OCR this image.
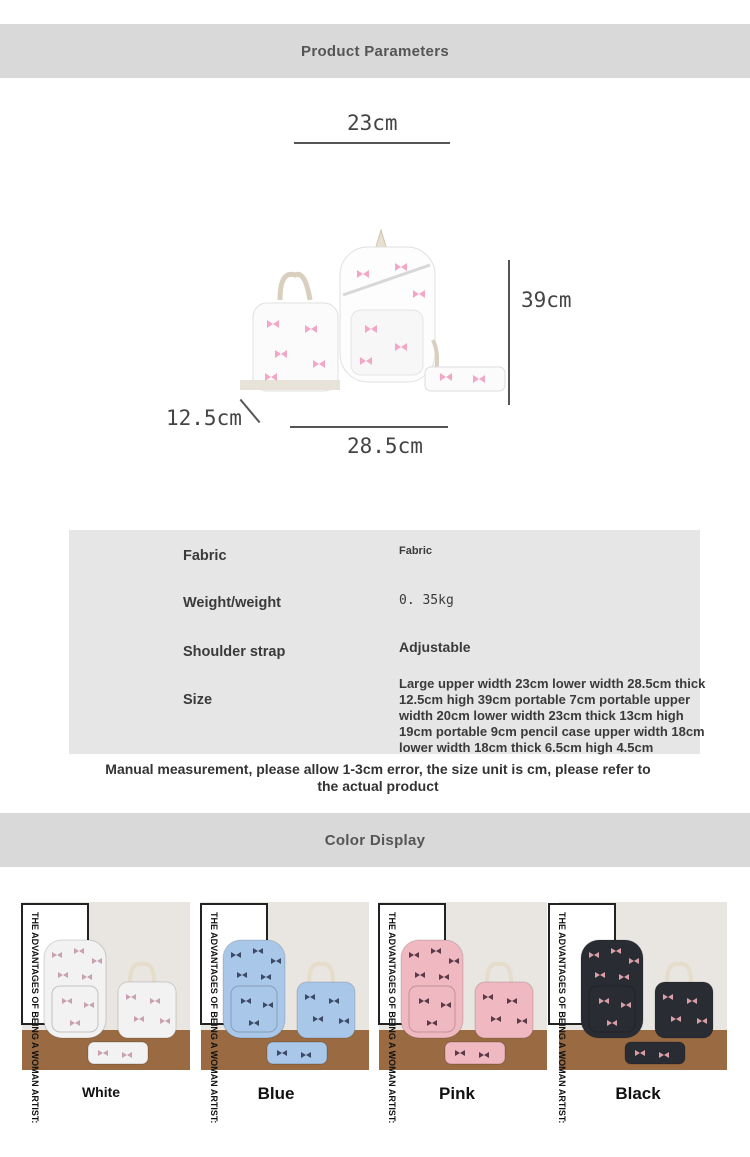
Product Parameters
23cm
39cm
12.5cm
28.5cm
Fabric	Fabric
Weight/weight	0. 35kg
Shoulder strap	Adjustable
Size
Large upper width 23cm lower width 28.5cm thick 12.5cm high 39cm portable 7cm portable upper width 20cm lower width 23cm thick 13cm high 19cm portable 9cm pencil case upper width 18cm lower width 18cm thick 6.5cm high 4.5cm
Manual measurement, please allow 1-3cm error, the size unit is cm, please refer to the actual product
Color Display
THE ADVANTAGES OF BEING A WOMAN ARTIST:	THE ADVANTAGES OF BEING A WOMAN ARTIST:	THE ADVANTAGES OF BEING A WOMAN ARTIST:	THE ADVANTAGES OF BEING A WOMAN ARTIST:
White	Blue	Pink	Black
